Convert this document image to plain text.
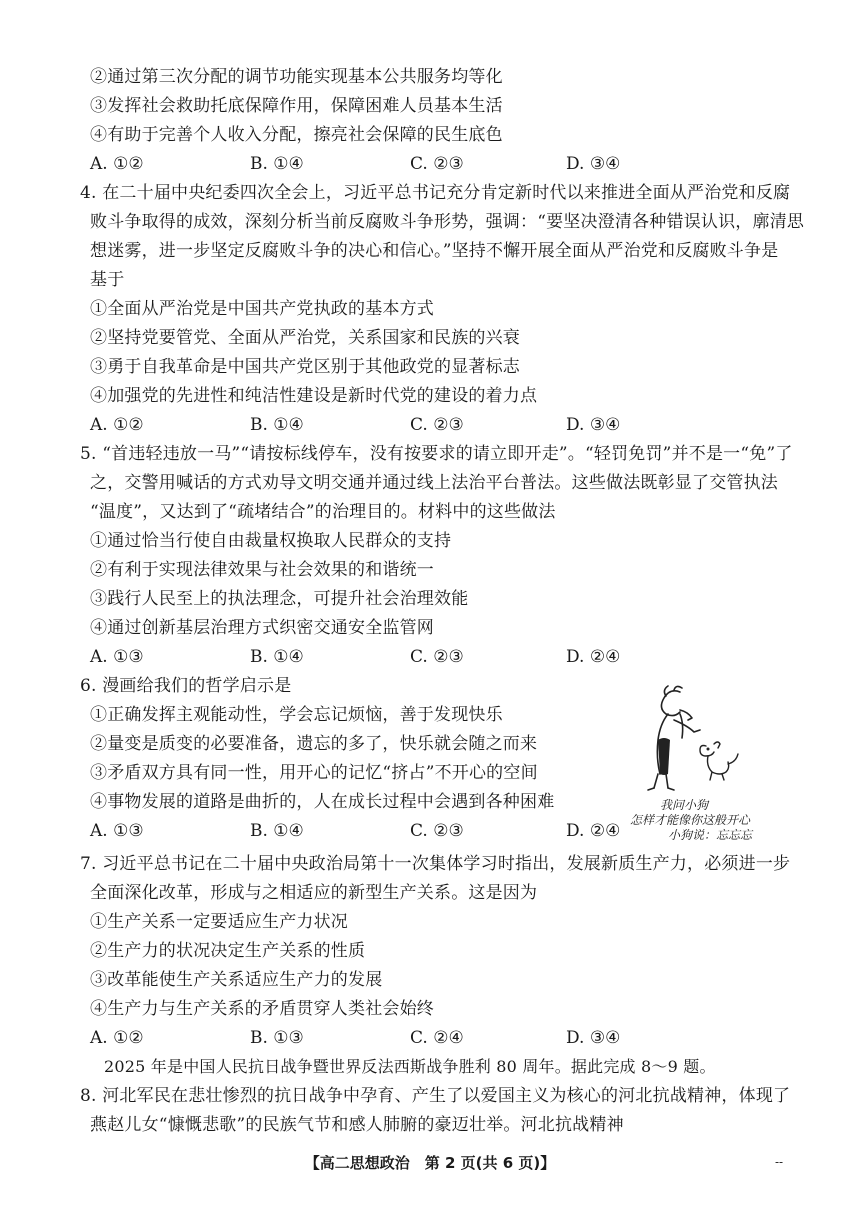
②通过第三次分配的调节功能实现基本公共服务均等化
③发挥社会救助托底保障作用，保障困难人员基本生活
④有助于完善个人收入分配，擦亮社会保障的民生底色
A. ①②	B. ①④	C. ②③	D. ③④
4. 在二十届中央纪委四次全会上，习近平总书记充分肯定新时代以来推进全面从严治党和反腐
败斗争取得的成效，深刻分析当前反腐败斗争形势，强调：“要坚决澄清各种错误认识，廓清思
想迷雾，进一步坚定反腐败斗争的决心和信心。”坚持不懈开展全面从严治党和反腐败斗争是
基于
①全面从严治党是中国共产党执政的基本方式
②坚持党要管党、全面从严治党，关系国家和民族的兴衰
③勇于自我革命是中国共产党区别于其他政党的显著标志
④加强党的先进性和纯洁性建设是新时代党的建设的着力点
A. ①②	B. ①④	C. ②③	D. ③④
5. “首违轻违放一马”“请按标线停车，没有按要求的请立即开走”。“轻罚免罚”并不是一“免”了
之，交警用喊话的方式劝导文明交通并通过线上法治平台普法。这些做法既彰显了交管执法
“温度”，又达到了“疏堵结合”的治理目的。材料中的这些做法
①通过恰当行使自由裁量权换取人民群众的支持
②有利于实现法律效果与社会效果的和谐统一
③践行人民至上的执法理念，可提升社会治理效能
④通过创新基层治理方式织密交通安全监管网
A. ①③	B. ①④	C. ②③	D. ②④
6. 漫画给我们的哲学启示是
①正确发挥主观能动性，学会忘记烦恼，善于发现快乐
②量变是质变的必要准备，遗忘的多了，快乐就会随之而来
③矛盾双方具有同一性，用开心的记忆“挤占”不开心的空间
④事物发展的道路是曲折的，人在成长过程中会遇到各种困难
A. ①③	B. ①④	C. ②③	D. ②④
我问小狗
怎样才能像你这般开心
小狗说：忘忘忘
7. 习近平总书记在二十届中央政治局第十一次集体学习时指出，发展新质生产力，必须进一步
全面深化改革，形成与之相适应的新型生产关系。这是因为
①生产关系一定要适应生产力状况
②生产力的状况决定生产关系的性质
③改革能使生产关系适应生产力的发展
④生产力与生产关系的矛盾贯穿人类社会始终
A. ①②	B. ①③	C. ②④	D. ③④
2025 年是中国人民抗日战争暨世界反法西斯战争胜利 80 周年。据此完成 8～9 题。
8. 河北军民在悲壮惨烈的抗日战争中孕育、产生了以爱国主义为核心的河北抗战精神，体现了
燕赵儿女“慷慨悲歌”的民族气节和感人肺腑的豪迈壮举。河北抗战精神
【高二思想政治　第 2 页(共 6 页)】	--
